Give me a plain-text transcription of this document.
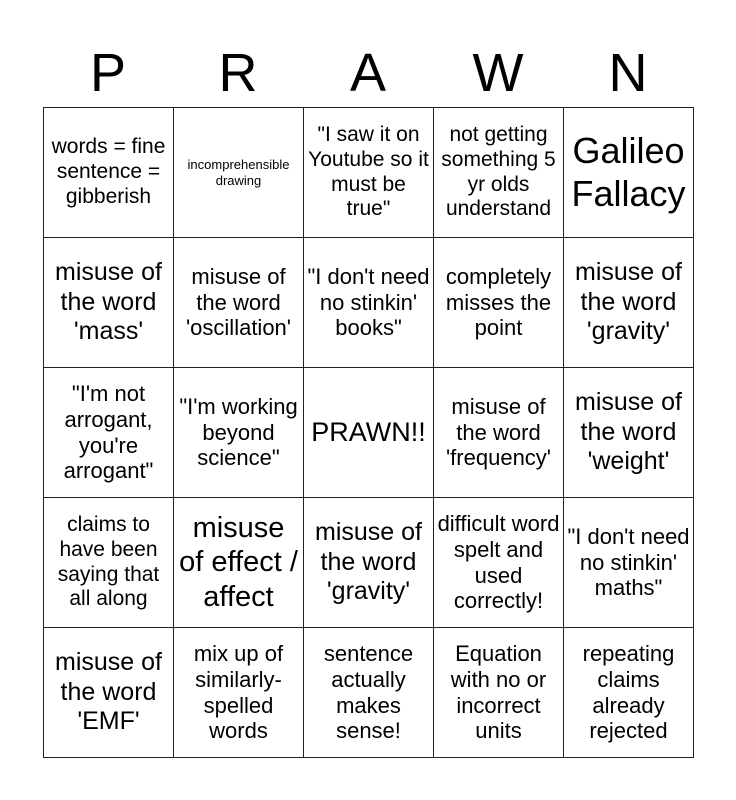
P	R	A	W	N
words = fine sentence = gibberish	incomprehensible drawing	"I saw it on Youtube so it must be true"	not getting something 5 yr olds understand	Galileo Fallacy
misuse of the word 'mass'	misuse of the word 'oscillation'	"I don't need no stinkin' books"	completely misses the point	misuse of the word 'gravity'
"I'm not arrogant, you're arrogant"	"I'm working beyond science"	PRAWN!!	misuse of the word 'frequency'	misuse of the word 'weight'
claims to have been saying that all along	misuse of effect / affect	misuse of the word 'gravity'	difficult word spelt and used correctly!	"I don't need no stinkin' maths"
misuse of the word 'EMF'	mix up of similarly-spelled words	sentence actually makes sense!	Equation with no or incorrect units	repeating claims already rejected
